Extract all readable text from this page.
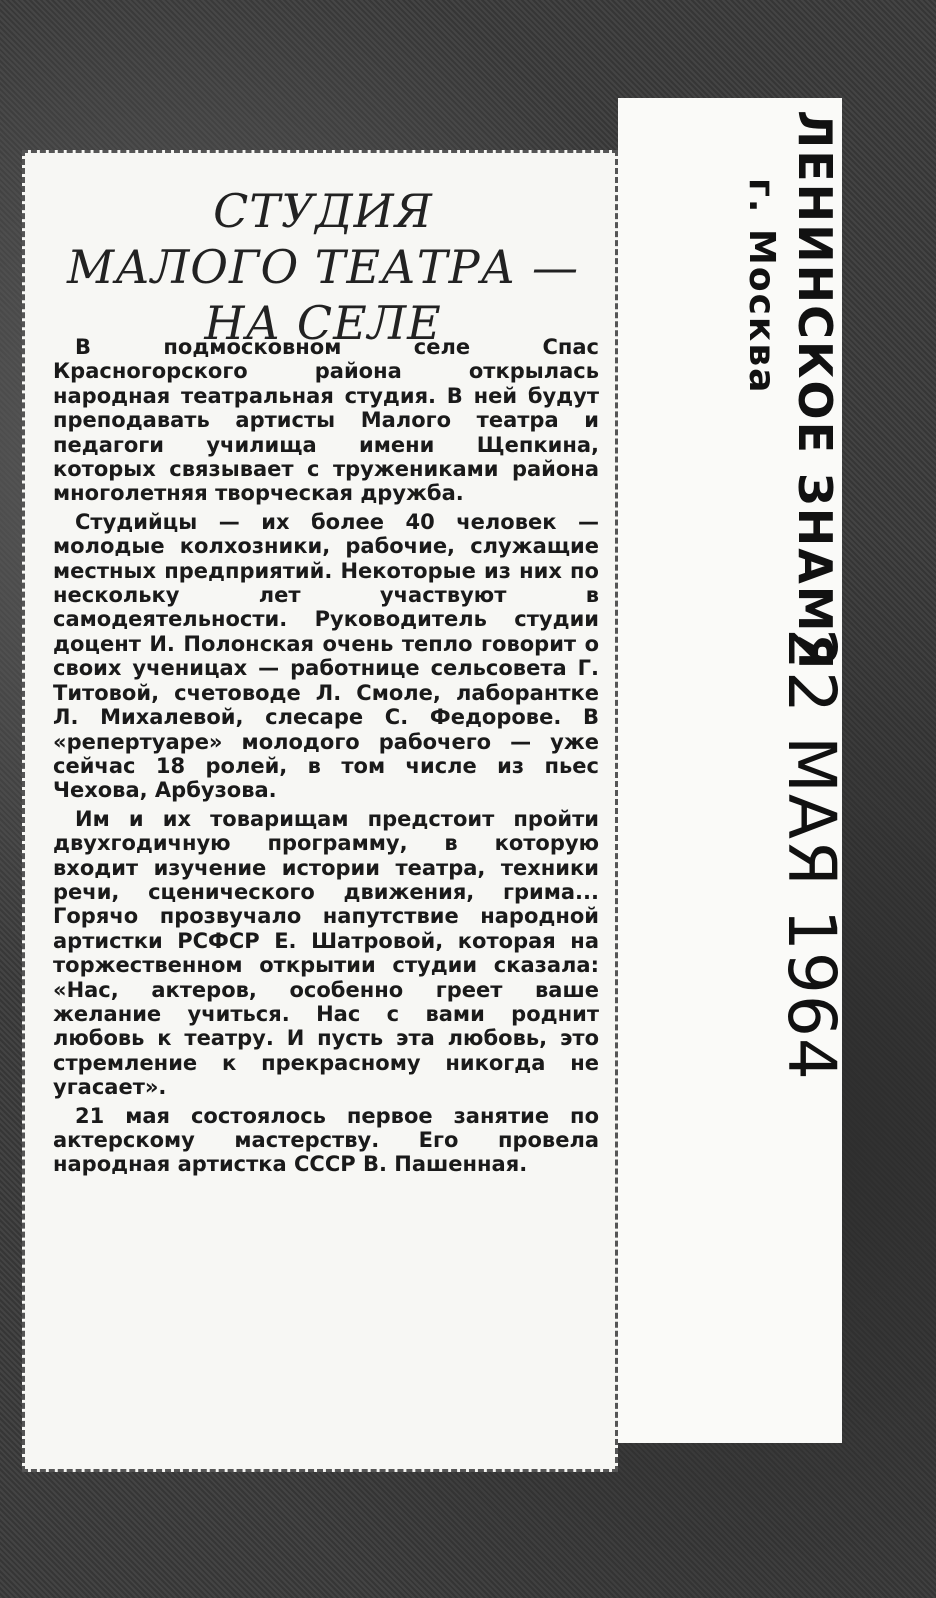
СТУДИЯ
МАЛОГО ТЕАТРА —
НА СЕЛЕ

В подмосковном селе Спас Красногорского района открылась народная театральная студия. В ней будут преподавать артисты Малого театра и педагоги училища имени Щепкина, которых связывает с тружениками района многолетняя творческая дружба.

Студийцы — их более 40 человек — молодые колхозники, рабочие, служащие местных предприятий. Некоторые из них по нескольку лет участвуют в самодеятельности. Руководитель студии доцент И. Полонская очень тепло говорит о своих ученицах — работнице сельсовета Г. Титовой, счетоводе Л. Смоле, лаборантке Л. Михалевой, слесаре С. Федорове. В «репертуаре» молодого рабочего — уже сейчас 18 ролей, в том числе из пьес Чехова, Арбузова.

Им и их товарищам предстоит пройти двухгодичную программу, в которую входит изучение истории театра, техники речи, сценического движения, грима... Горячо прозвучало напутствие народной артистки РСФСР Е. Шатровой, которая на торжественном открытии студии сказала: «Нас, актеров, особенно греет ваше желание учиться. Нас с вами роднит любовь к театру. И пусть эта любовь, это стремление к прекрасному никогда не угасает».

21 мая состоялось первое занятие по актерскому мастерству. Его провела народная артистка СССР В. Пашенная.

ЛЕНИНСКОЕ ЗНАМЯ
г. Москва
22 МАЯ 1964
